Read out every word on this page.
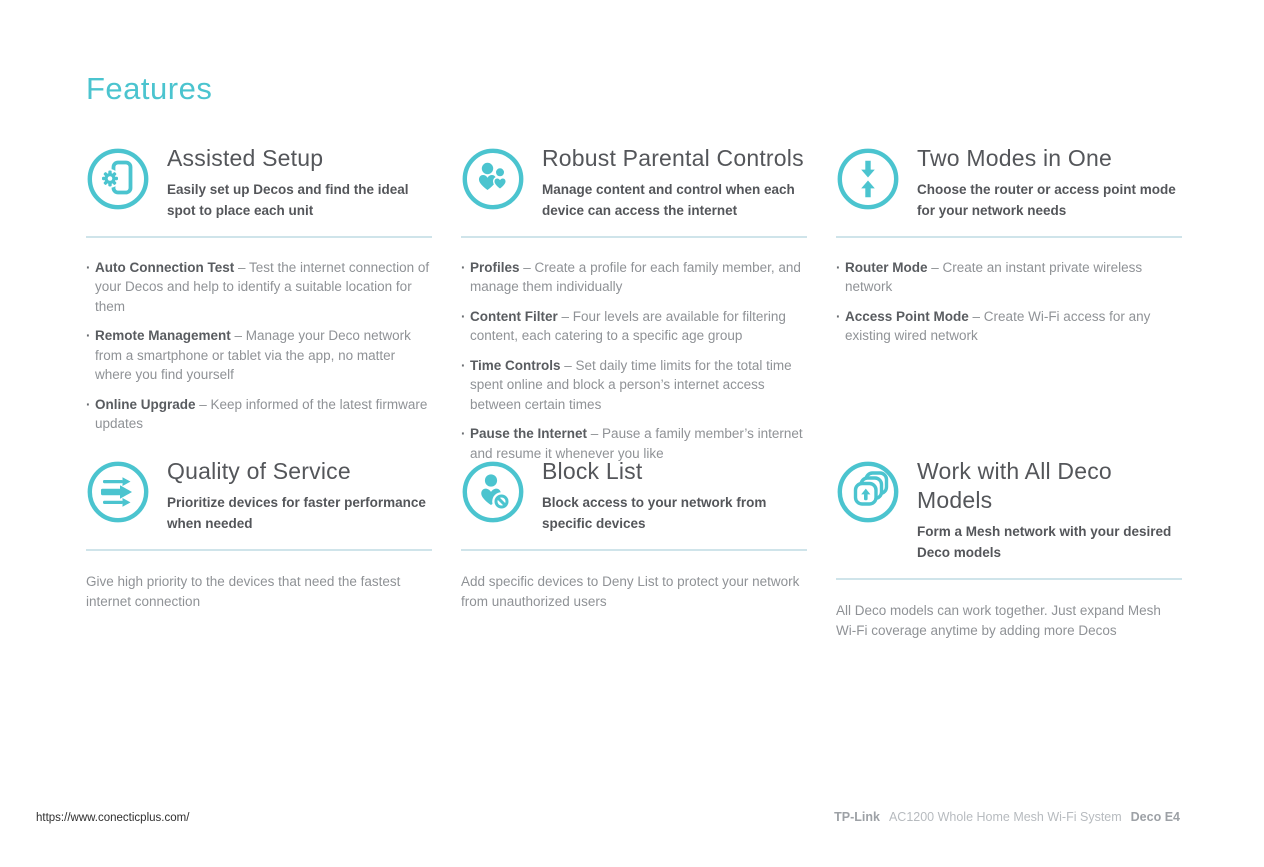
Features
Assisted Setup
Easily set up Decos and find the ideal spot to place each unit
· Auto Connection Test – Test the internet connection of your Decos and help to identify a suitable location for them
· Remote Management – Manage your Deco network from a smartphone or tablet via the app, no matter where you find yourself
· Online Upgrade – Keep informed of the latest firmware updates
Robust Parental Controls
Manage content and control when each device can access the internet
· Profiles – Create a profile for each family member, and manage them individually
· Content Filter – Four levels are available for filtering content, each catering to a specific age group
· Time Controls – Set daily time limits for the total time spent online and block a person’s internet access between certain times
· Pause the Internet – Pause a family member’s internet and resume it whenever you like
Two Modes in One
Choose the router or access point mode for your network needs
· Router Mode – Create an instant private wireless network
· Access Point Mode – Create Wi-Fi access for any existing wired network
Quality of Service
Prioritize devices for faster performance when needed

Give high priority to the devices that need the fastest internet connection

Block List
Block access to your network from specific devices

Add specific devices to Deny List to protect your network from unauthorized users

Work with All Deco Models
Form a Mesh network with your desired Deco models

All Deco models can work together. Just expand Mesh Wi-Fi coverage anytime by adding more Decos

https://www.conecticplus.com/	TP-Link AC1200 Whole Home Mesh Wi-Fi System Deco E4
